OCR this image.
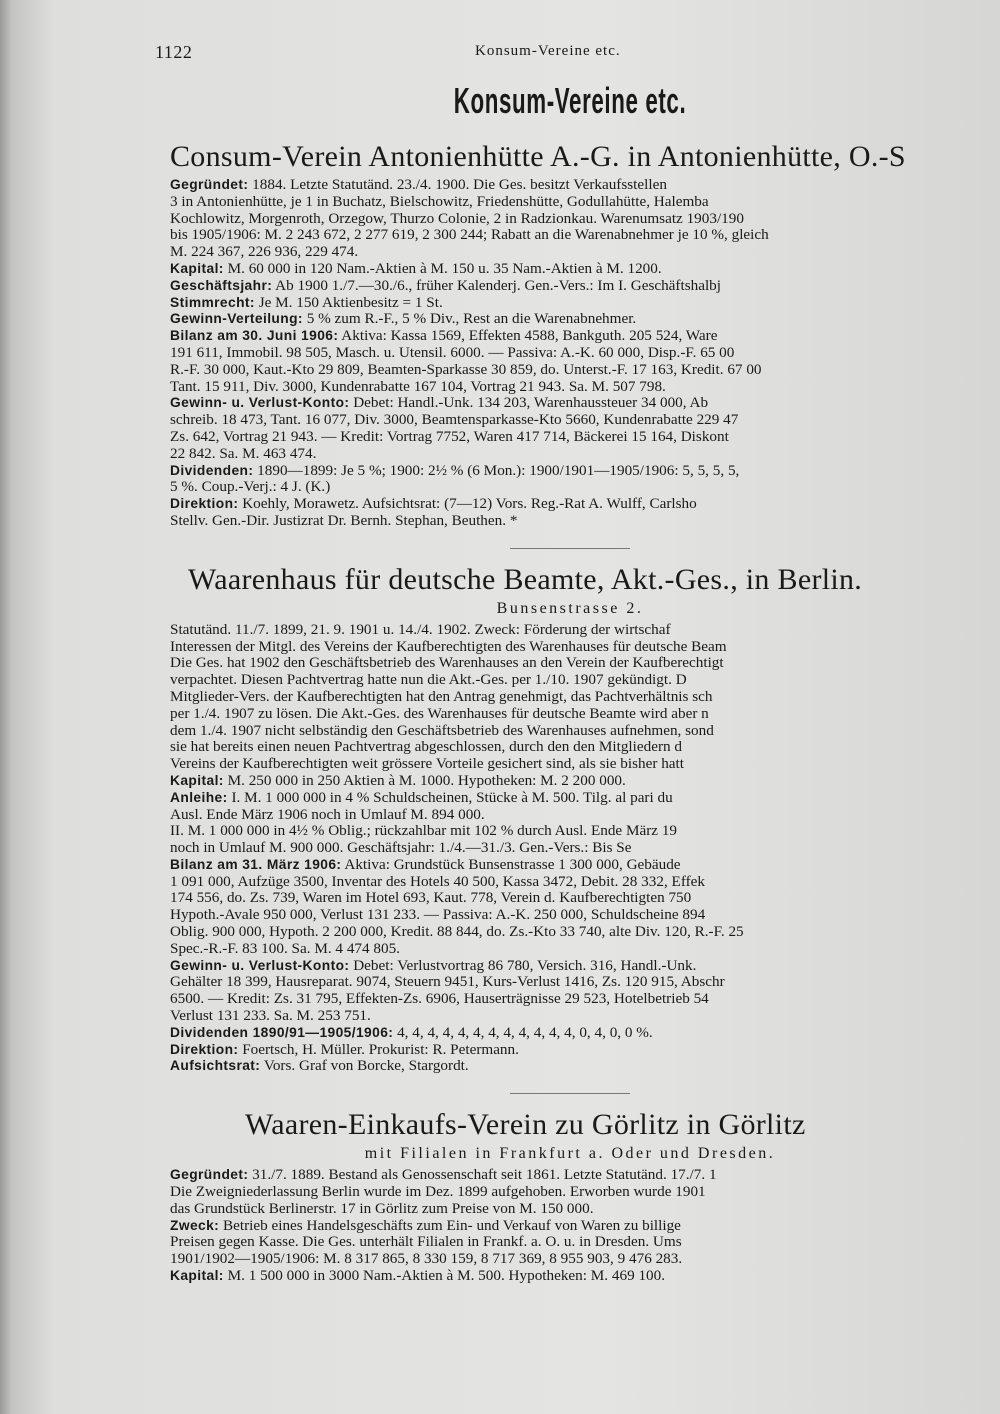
1122	Konsum-Vereine etc.
Konsum-Vereine etc.
Consum-Verein Antonienhütte A.-G. in Antonienhütte, O.-S
Gegründet: 1884. Letzte Statutänd. 23./4. 1900. Die Ges. besitzt Verkaufsstellen
3 in Antonienhütte, je 1 in Buchatz, Bielschowitz, Friedenshütte, Godullahütte, Halemba
Kochlowitz, Morgenroth, Orzegow, Thurzo Colonie, 2 in Radzionkau. Warenumsatz 1903/190
bis 1905/1906: M. 2 243 672, 2 277 619, 2 300 244; Rabatt an die Warenabnehmer je 10 %, gleich
M. 224 367, 226 936, 229 474.
Kapital: M. 60 000 in 120 Nam.-Aktien à M. 150 u. 35 Nam.-Aktien à M. 1200.
Geschäftsjahr: Ab 1900 1./7.—30./6., früher Kalenderj. Gen.-Vers.: Im I. Geschäftshalbj
Stimmrecht: Je M. 150 Aktienbesitz = 1 St.
Gewinn-Verteilung: 5 % zum R.-F., 5 % Div., Rest an die Warenabnehmer.
Bilanz am 30. Juni 1906: Aktiva: Kassa 1569, Effekten 4588, Bankguth. 205 524, Ware
191 611, Immobil. 98 505, Masch. u. Utensil. 6000. — Passiva: A.-K. 60 000, Disp.-F. 65 00
R.-F. 30 000, Kaut.-Kto 29 809, Beamten-Sparkasse 30 859, do. Unterst.-F. 17 163, Kredit. 67 00
Tant. 15 911, Div. 3000, Kundenrabatte 167 104, Vortrag 21 943. Sa. M. 507 798.
Gewinn- u. Verlust-Konto: Debet: Handl.-Unk. 134 203, Warenhaussteuer 34 000, Ab
schreib. 18 473, Tant. 16 077, Div. 3000, Beamtensparkasse-Kto 5660, Kundenrabatte 229 47
Zs. 642, Vortrag 21 943. — Kredit: Vortrag 7752, Waren 417 714, Bäckerei 15 164, Diskont
22 842. Sa. M. 463 474.
Dividenden: 1890—1899: Je 5 %; 1900: 2½ % (6 Mon.): 1900/1901—1905/1906: 5, 5, 5, 5,
5 %. Coup.-Verj.: 4 J. (K.)
Direktion: Koehly, Morawetz. Aufsichtsrat: (7—12) Vors. Reg.-Rat A. Wulff, Carlsho
Stellv. Gen.-Dir. Justizrat Dr. Bernh. Stephan, Beuthen. *
Waarenhaus für deutsche Beamte, Akt.-Ges., in Berlin.
Bunsenstrasse 2.
Statutänd. 11./7. 1899, 21. 9. 1901 u. 14./4. 1902. Zweck: Förderung der wirtschaf
Interessen der Mitgl. des Vereins der Kaufberechtigten des Warenhauses für deutsche Beam
Die Ges. hat 1902 den Geschäftsbetrieb des Warenhauses an den Verein der Kaufberechtigt
verpachtet. Diesen Pachtvertrag hatte nun die Akt.-Ges. per 1./10. 1907 gekündigt. D
Mitglieder-Vers. der Kaufberechtigten hat den Antrag genehmigt, das Pachtverhältnis sch
per 1./4. 1907 zu lösen. Die Akt.-Ges. des Warenhauses für deutsche Beamte wird aber n
dem 1./4. 1907 nicht selbständig den Geschäftsbetrieb des Warenhauses aufnehmen, sond
sie hat bereits einen neuen Pachtvertrag abgeschlossen, durch den den Mitgliedern d
Vereins der Kaufberechtigten weit grössere Vorteile gesichert sind, als sie bisher hatt
Kapital: M. 250 000 in 250 Aktien à M. 1000. Hypotheken: M. 2 200 000.
Anleihe: I. M. 1 000 000 in 4 % Schuldscheinen, Stücke à M. 500. Tilg. al pari du
Ausl. Ende März 1906 noch in Umlauf M. 894 000.
II. M. 1 000 000 in 4½ % Oblig.; rückzahlbar mit 102 % durch Ausl. Ende März 19
noch in Umlauf M. 900 000. Geschäftsjahr: 1./4.—31./3. Gen.-Vers.: Bis Se
Bilanz am 31. März 1906: Aktiva: Grundstück Bunsenstrasse 1 300 000, Gebäude
1 091 000, Aufzüge 3500, Inventar des Hotels 40 500, Kassa 3472, Debit. 28 332, Effek
174 556, do. Zs. 739, Waren im Hotel 693, Kaut. 778, Verein d. Kaufberechtigten 750
Hypoth.-Avale 950 000, Verlust 131 233. — Passiva: A.-K. 250 000, Schuldscheine 894
Oblig. 900 000, Hypoth. 2 200 000, Kredit. 88 844, do. Zs.-Kto 33 740, alte Div. 120, R.-F. 25
Spec.-R.-F. 83 100. Sa. M. 4 474 805.
Gewinn- u. Verlust-Konto: Debet: Verlustvortrag 86 780, Versich. 316, Handl.-Unk.
Gehälter 18 399, Hausreparat. 9074, Steuern 9451, Kurs-Verlust 1416, Zs. 120 915, Abschr
6500. — Kredit: Zs. 31 795, Effekten-Zs. 6906, Hauserträgnisse 29 523, Hotelbetrieb 54
Verlust 131 233. Sa. M. 253 751.
Dividenden 1890/91—1905/1906: 4, 4, 4, 4, 4, 4, 4, 4, 4, 4, 4, 4, 0, 4, 0, 0 %.
Direktion: Foertsch, H. Müller. Prokurist: R. Petermann.
Aufsichtsrat: Vors. Graf von Borcke, Stargordt.
Waaren-Einkaufs-Verein zu Görlitz in Görlitz
mit Filialen in Frankfurt a. Oder und Dresden.
Gegründet: 31./7. 1889. Bestand als Genossenschaft seit 1861. Letzte Statutänd. 17./7. 1
Die Zweigniederlassung Berlin wurde im Dez. 1899 aufgehoben. Erworben wurde 1901
das Grundstück Berlinerstr. 17 in Görlitz zum Preise von M. 150 000.
Zweck: Betrieb eines Handelsgeschäfts zum Ein- und Verkauf von Waren zu billige
Preisen gegen Kasse. Die Ges. unterhält Filialen in Frankf. a. O. u. in Dresden. Ums
1901/1902—1905/1906: M. 8 317 865, 8 330 159, 8 717 369, 8 955 903, 9 476 283.
Kapital: M. 1 500 000 in 3000 Nam.-Aktien à M. 500. Hypotheken: M. 469 100.
